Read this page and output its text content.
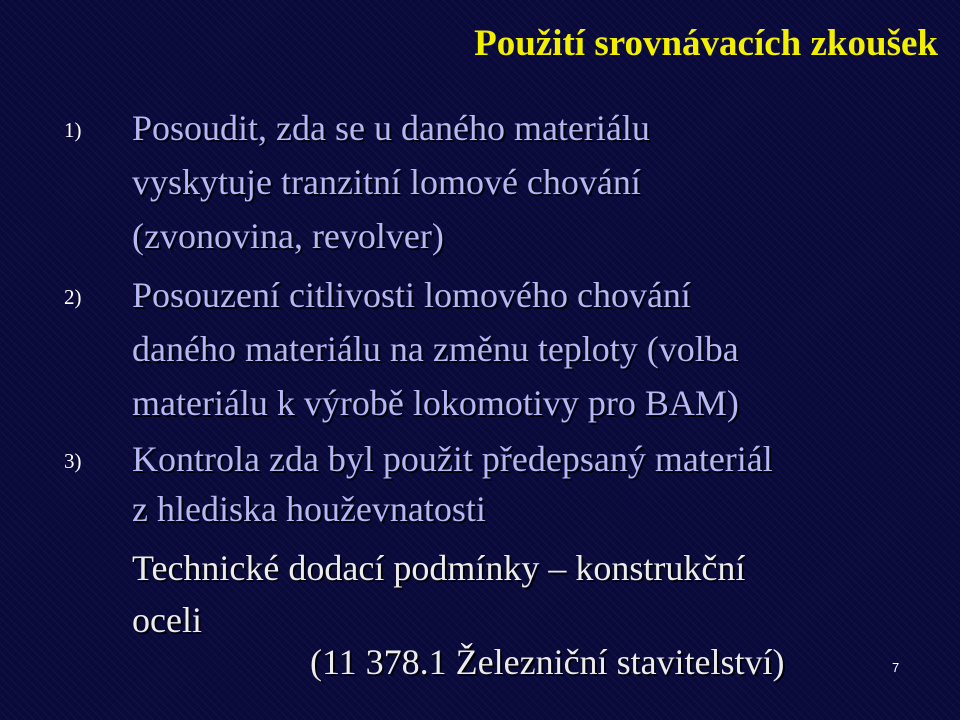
Použití srovnávacích zkoušek
1) Posoudit, zda se u daného materiálu
vyskytuje tranzitní lomové chování
(zvonovina, revolver)
2) Posouzení citlivosti lomového chování
daného materiálu na změnu teploty (volba
materiálu k výrobě lokomotivy pro BAM)
3) Kontrola zda byl použit předepsaný materiál
z hlediska houževnatosti
Technické dodací podmínky – konstrukční
oceli
(11 378.1 Železniční stavitelství)	7
